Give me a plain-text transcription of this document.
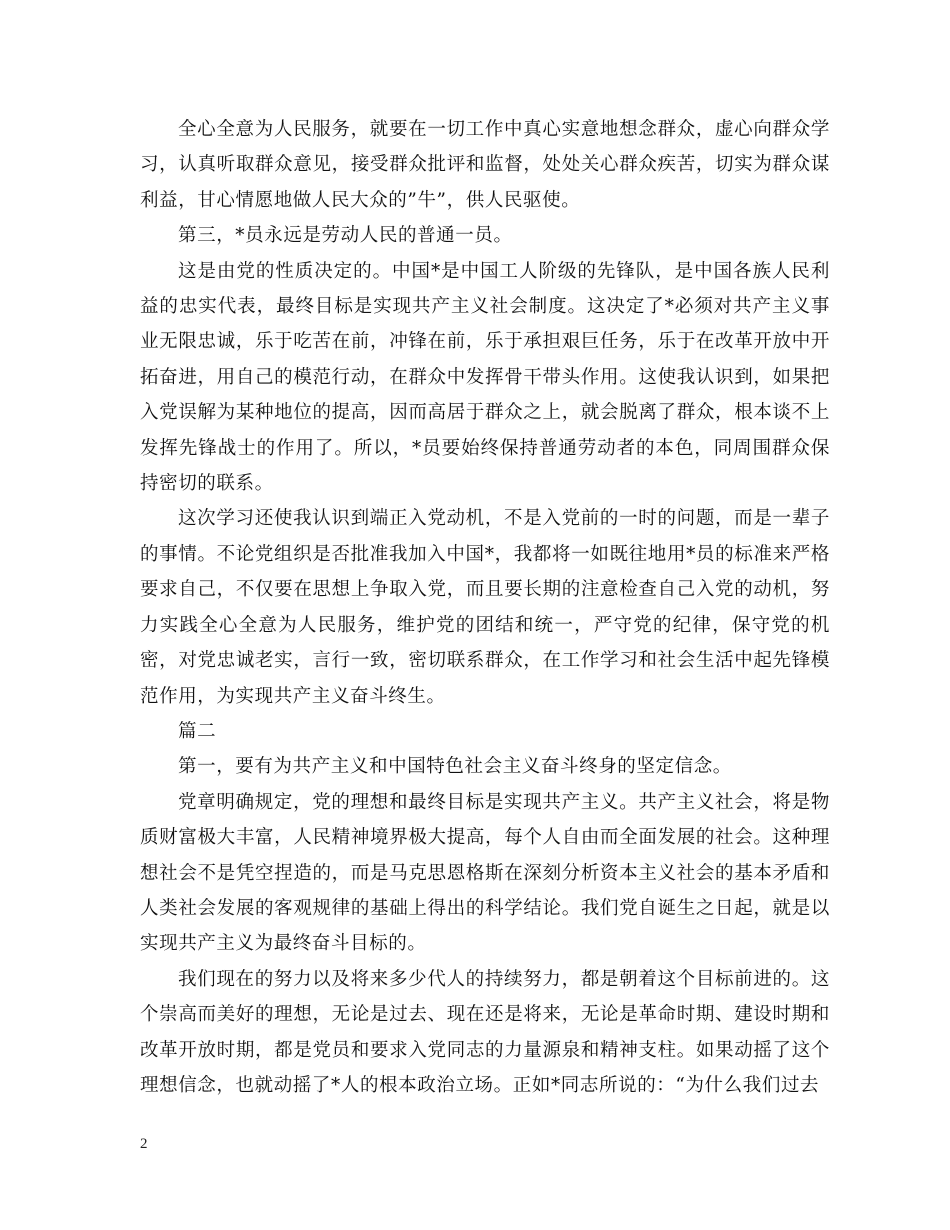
全心全意为人民服务，就要在一切工作中真心实意地想念群众，虚心向群众学习，认真听取群众意见，接受群众批评和监督，处处关心群众疾苦，切实为群众谋利益，甘心情愿地做人民大众的”牛”，供人民驱使。

第三，*员永远是劳动人民的普通一员。

这是由党的性质决定的。中国*是中国工人阶级的先锋队，是中国各族人民利益的忠实代表，最终目标是实现共产主义社会制度。这决定了*必须对共产主义事业无限忠诚，乐于吃苦在前，冲锋在前，乐于承担艰巨任务，乐于在改革开放中开拓奋进，用自己的模范行动，在群众中发挥骨干带头作用。这使我认识到，如果把入党误解为某种地位的提高，因而高居于群众之上，就会脱离了群众，根本谈不上发挥先锋战士的作用了。所以，*员要始终保持普通劳动者的本色，同周围群众保持密切的联系。

这次学习还使我认识到端正入党动机，不是入党前的一时的问题，而是一辈子的事情。不论党组织是否批准我加入中国*，我都将一如既往地用*员的标准来严格要求自己，不仅要在思想上争取入党，而且要长期的注意检查自己入党的动机，努力实践全心全意为人民服务，维护党的团结和统一，严守党的纪律，保守党的机密，对党忠诚老实，言行一致，密切联系群众，在工作学习和社会生活中起先锋模范作用，为实现共产主义奋斗终生。

篇二

第一，要有为共产主义和中国特色社会主义奋斗终身的坚定信念。

党章明确规定，党的理想和最终目标是实现共产主义。共产主义社会，将是物质财富极大丰富，人民精神境界极大提高，每个人自由而全面发展的社会。这种理想社会不是凭空捏造的，而是马克思恩格斯在深刻分析资本主义社会的基本矛盾和人类社会发展的客观规律的基础上得出的科学结论。我们党自诞生之日起，就是以实现共产主义为最终奋斗目标的。

我们现在的努力以及将来多少代人的持续努力，都是朝着这个目标前进的。这个崇高而美好的理想，无论是过去、现在还是将来，无论是革命时期、建设时期和改革开放时期，都是党员和要求入党同志的力量源泉和精神支柱。如果动摇了这个理想信念，也就动摇了*人的根本政治立场。正如*同志所说的：“为什么我们过去

2
